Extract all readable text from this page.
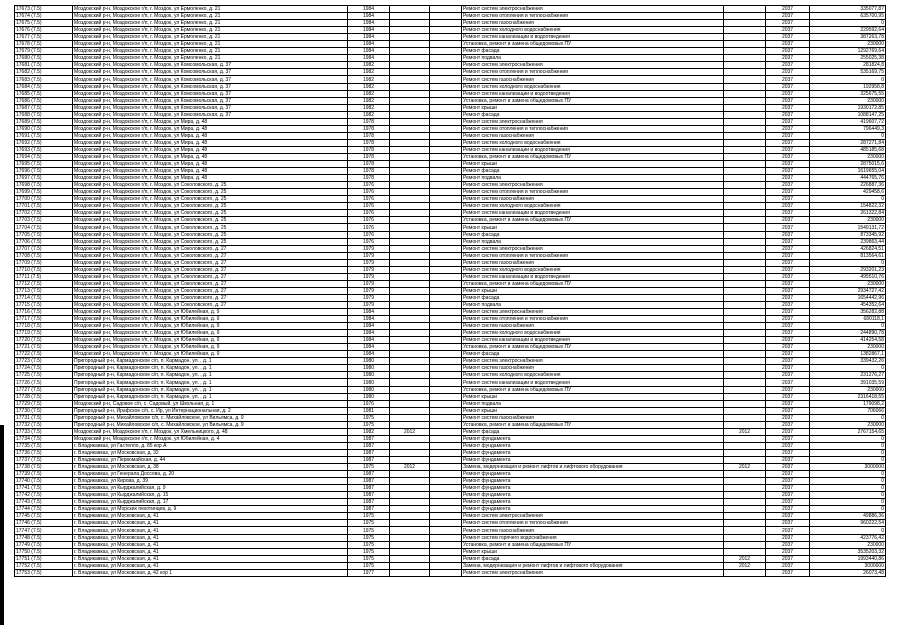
17673 (7.5)	Моздокский р-н, Моздокское г/п, г. Моздок, ул Ермоленко, д. 21	1984			Ремонт систем электроснабжения		2037	335077,87
17674 (7.5)	Моздокский р-н, Моздокское г/п, г. Моздок, ул Ермоленко, д. 21	1984			Ремонт систем отопления и теплоснабжения		2037	635700,95
17675 (7.5)	Моздокский р-н, Моздокское г/п, г. Моздок, ул Ермоленко, д. 21	1984			Ремонт систем газоснабжения		2037	0
17676 (7.5)	Моздокский р-н, Моздокское г/п, г. Моздок, ул Ермоленко, д. 21	1984			Ремонт систем холодного водоснабжения		2037	229592,64
17677 (7.5)	Моздокский р-н, Моздокское г/п, г. Моздок, ул Ермоленко, д. 21	1984			Ремонт систем канализации и водоотведения		2037	387263,78
17678 (7.5)	Моздокский р-н, Моздокское г/п, г. Моздок, ул Ермоленко, д. 21	1984			Установка, ремонт и замена общедомовых ПУ		2037	230000
17679 (7.5)	Моздокский р-н, Моздокское г/п, г. Моздок, ул Ермоленко, д. 21	1984			Ремонт фасада		2037	1292769,64
17680 (7.5)	Моздокский р-н, Моздокское г/п, г. Моздок, ул Ермоленко, д. 21	1984			Ремонт подвала		2037	255025,38
17681 (7.5)	Моздокский р-н, Моздокское г/п, г. Моздок, ул Комсомольская, д. 37	1982			Ремонт систем электроснабжения		2037	281824,8
17682 (7.5)	Моздокский р-н, Моздокское г/п, г. Моздок, ул Комсомольская, д. 37	1982			Ремонт систем отопления и теплоснабжения		2037	535169,75
17683 (7.5)	Моздокский р-н, Моздокское г/п, г. Моздок, ул Комсомольская, д. 37	1982			Ремонт систем газоснабжения		2037	0
17684 (7.5)	Моздокский р-н, Моздокское г/п, г. Моздок, ул Комсомольская, д. 37	1982			Ремонт систем холодного водоснабжения		2037	192958,8
17685 (7.5)	Моздокский р-н, Моздокское г/п, г. Моздок, ул Комсомольская, д. 37	1982			Ремонт систем канализации и водоотведения		2037	325675,55
17686 (7.5)	Моздокский р-н, Моздокское г/п, г. Моздок, ул Комсомольская, д. 37	1982			Установка, ремонт и замена общедомовых ПУ		2037	230000
17687 (7.5)	Моздокский р-н, Моздокское г/п, г. Моздок, ул Комсомольская, д. 37	1982			Ремонт крыши		2037	1930172,85
17688 (7.5)	Моздокский р-н, Моздокское г/п, г. Моздок, ул Комсомольская, д. 37	1982			Ремонт фасада		2037	1088147,25
17689 (7.5)	Моздокский р-н, Моздокское г/п, г. Моздок, ул Мира, д. 48	1978			Ремонт систем электроснабжения		2037	419607,72
17690 (7.5)	Моздокский р-н, Моздокское г/п, г. Моздок, ул Мира, д. 48	1978			Ремонт систем отопления и теплоснабжения		2037	796449,3
17691 (7.5)	Моздокский р-н, Моздокское г/п, г. Моздок, ул Мира, д. 48	1978			Ремонт систем газоснабжения		2037	0
17692 (7.5)	Моздокский р-н, Моздокское г/п, г. Моздок, ул Мира, д. 48	1978			Ремонт систем холодного водоснабжения		2037	287271,84
17693 (7.5)	Моздокский р-н, Моздокское г/п, г. Моздок, ул Мира, д. 48	1978			Ремонт систем канализации и водоотведения		2037	485185,68
17694 (7.5)	Моздокский р-н, Моздокское г/п, г. Моздок, ул Мира, д. 48	1978			Установка, ремонт и замена общедомовых ПУ		2037	230000
17695 (7.5)	Моздокский р-н, Моздокское г/п, г. Моздок, ул Мира, д. 48	1978			Ремонт крыши		2037	2875015,6
17696 (7.5)	Моздокский р-н, Моздокское г/п, г. Моздок, ул Мира, д. 48	1978			Ремонт фасада		2037	1619655,04
17697 (7.5)	Моздокский р-н, Моздокское г/п, г. Моздок, ул Мира, д. 48	1978			Ремонт подвала		2037	444765,76
17698 (7.5)	Моздокский р-н, Моздокское г/п, г. Моздок, ул Соколовского, д. 25	1976			Ремонт систем электроснабжения		2037	226887,36
17699 (7.5)	Моздокский р-н, Моздокское г/п, г. Моздок, ул Соколовского, д. 25	1976			Ремонт систем отопления и теплоснабжения		2037	429458,6
17700 (7.5)	Моздокский р-н, Моздокское г/п, г. Моздок, ул Соколовского, д. 25	1976			Ремонт систем газоснабжения		2037	0
17701 (7.5)	Моздокский р-н, Моздокское г/п, г. Моздок, ул Соколовского, д. 25	1976			Ремонт систем холодного водоснабжения		2037	154822,32
17702 (7.5)	Моздокский р-н, Моздокское г/п, г. Моздок, ул Соколовского, д. 25	1976			Ремонт систем канализации и водоотведения		2037	261322,84
17703 (7.5)	Моздокский р-н, Моздокское г/п, г. Моздок, ул Соколовского, д. 25	1976			Установка, ремонт и замена общедомовых ПУ		2037	230000
17704 (7.5)	Моздокский р-н, Моздокское г/п, г. Моздок, ул Соколовского, д. 25	1976			Ремонт крыши		2037	1549131,72
17705 (7.5)	Моздокский р-н, Моздокское г/п, г. Моздок, ул Соколовского, д. 25	1976			Ремонт фасада		2037	873345,92
17706 (7.5)	Моздокский р-н, Моздокское г/п, г. Моздок, ул Соколовского, д. 25	1976			Ремонт подвала		2037	239863,44
17707 (7.5)	Моздокский р-н, Моздокское г/п, г. Моздок, ул Соколовского, д. 27	1979			Ремонт систем электроснабжения		2037	426824,51
17708 (7.5)	Моздокский р-н, Моздокское г/п, г. Моздок, ул Соколовского, д. 27	1979			Ремонт систем отопления и теплоснабжения		2037	813564,61
17709 (7.5)	Моздокский р-н, Моздокское г/п, г. Моздок, ул Соколовского, д. 27	1979			Ремонт систем газоснабжения		2037	0
17710 (7.5)	Моздокский р-н, Моздокское г/п, г. Моздок, ул Соколовского, д. 27	1979			Ремонт систем холодного водоснабжения		2037	293201,23
17711 (7.5)	Моздокский р-н, Моздокское г/п, г. Моздок, ул Соколовского, д. 27	1979			Ремонт систем канализации и водоотведения		2037	495510,76
17712 (7.5)	Моздокский р-н, Моздокское г/п, г. Моздок, ул Соколовского, д. 27	1979			Установка, ремонт и замена общедомовых ПУ		2037	230000
17713 (7.5)	Моздокский р-н, Моздокское г/п, г. Моздок, ул Соколовского, д. 27	1979			Ремонт крыши		2037	2934727,42
17714 (7.5)	Моздокский р-н, Моздокское г/п, г. Моздок, ул Соколовского, д. 27	1979			Ремонт фасада		2037	1654442,96
17715 (7.5)	Моздокский р-н, Моздокское г/п, г. Моздок, ул Соколовского, д. 27	1979			Ремонт подвала		2037	454352,64
17716 (7.5)	Моздокский р-н, Моздокское г/п, г. Моздок, ул Юбилейная, д. 9	1984			Ремонт систем электроснабжения		2037	356282,88
17717 (7.5)	Моздокский р-н, Моздокское г/п, г. Моздок, ул Юбилейная, д. 9	1984			Ремонт систем отопления и теплоснабжения		2037	680118,1
17718 (7.5)	Моздокский р-н, Моздокское г/п, г. Моздок, ул Юбилейная, д. 9	1984			Ремонт систем газоснабжения		2037	0
17719 (7.5)	Моздокский р-н, Моздокское г/п, г. Моздок, ул Юбилейная, д. 9	1984			Ремонт систем холодного водоснабжения		2037	244890,78
17720 (7.5)	Моздокский р-н, Моздокское г/п, г. Моздок, ул Юбилейная, д. 9	1984			Ремонт систем канализации и водоотведения		2037	414254,58
17721 (7.5)	Моздокский р-н, Моздокское г/п, г. Моздок, ул Юбилейная, д. 9	1984			Установка, ремонт и замена общедомовых ПУ		2037	230000
17722 (7.5)	Моздокский р-н, Моздокское г/п, г. Моздок, ул Юбилейная, д. 9	1984			Ремонт фасада		2037	1382867,1
17723 (7.5)	Пригородный р-н, Кармадонское с/п, п. Кармадон, ул. , д. 1	1980			Ремонт систем электроснабжения		2037	339432,26
17724 (7.5)	Пригородный р-н, Кармадонское с/п, п. Кармадон, ул. , д. 1	1980			Ремонт систем газоснабжения		2037	0
17725 (7.5)	Пригородный р-н, Кармадонское с/п, п. Кармадон, ул. , д. 1	1980			Ремонт систем холодного водоснабжения		2037	231276,27
17726 (7.5)	Пригородный р-н, Кармадонское с/п, п. Кармадон, ул. , д. 1	1980			Ремонт систем канализации и водоотведения		2037	391035,59
17727 (7.5)	Пригородный р-н, Кармадонское с/п, п. Кармадон, ул. , д. 1	1980			Установка, ремонт и замена общедомовых ПУ		2037	230000
17728 (7.5)	Пригородный р-н, Кармадонское с/п, п. Кармадон, ул. , д. 1	1980			Ремонт крыши		2037	2316418,55
17729 (7.5)	Моздокский р-н, Садовое с/п, с. Садовый, ул Школьная, д. 1	1976			Ремонт подвала		2037	179098,2
17730 (7.5)	Пригородный р-н, Ирафское с/п, с. Ир, ул Интернациональная, д. 2	1981			Ремонт крыши		2037	706066
17731 (7.5)	Пригородный р-н, Михайловское с/п, с. Михайловское, ул Вильямса, д. 9	1975			Ремонт систем газоснабжения		2037	0
17732 (7.5)	Пригородный р-н, Михайловское с/п, с. Михайловское, ул Вильямса, д. 9	1975			Установка, ремонт и замена общедомовых ПУ		2037	230000
17733 (7.5)	Моздокский р-н, Моздокское г/п, г. Моздок, ул Хмельницкого, д. 48	1982	2012		Ремонт фасада	2012	2037	2767154,65
17734 (7.5)	Моздокский р-н, Моздокское г/п, г. Моздок, ул Юбилейная, д. 4	1987			Ремонт фундамента		2037	0
17735 (7.5)	г. Владикавказ, ул Гастелло, д. 85 кор А	1987			Ремонт фундамента		2037	0
17736 (7.5)	г. Владикавказ, ул Московская, д. 32	1987			Ремонт фундамента		2037	0
17737 (7.5)	г. Владикавказ, ул Первомайская, д. 44	1987			Ремонт фундамента		2037	0
17738 (7.5)	г. Владикавказ, ул Московская, д. 38	1975	2012		Замена, модернизация и ремонт лифтов и лифтового оборудования	2012	2037	3000000
17739 (7.5)	г. Владикавказ, ул Генерала Доссова, д. 20	1987			Ремонт фундамента		2037	0
17740 (7.5)	г. Владикавказ, ул Кирова, д. 39	1987			Ремонт фундамента		2037	0
17741 (7.5)	г. Владикавказ, ул Кырджалийская, д. 9	1987			Ремонт фундамента		2037	0
17742 (7.5)	г. Владикавказ, ул Кырджалийская, д. 15	1987			Ремонт фундамента		2037	0
17743 (7.5)	г. Владикавказ, ул Кырджалийская, д. 17	1987			Ремонт фундамента		2037	0
17744 (7.5)	г. Владикавказ, ул Морских пехотинцев, д. 9	1987			Ремонт фундамента		2037	0
17745 (7.5)	г. Владикавказ, ул Московская, д. 41	1975			Ремонт систем электроснабжения		2037	49886,36
17746 (7.5)	г. Владикавказ, ул Московская, д. 41	1975			Ремонт систем отопления и теплоснабжения		2037	960222,54
17747 (7.5)	г. Владикавказ, ул Московская, д. 41	1975			Ремонт систем газоснабжения		2037	0
17748 (7.5)	г. Владикавказ, ул Московская, д. 41	1975			Ремонт систем горячего водоснабжения		2037	423776,42
17749 (7.5)	г. Владикавказ, ул Московская, д. 41	1975			Установка, ремонт и замена общедомовых ПУ		2037	230000
17750 (7.5)	г. Владикавказ, ул Московская, д. 41	1975			Ремонт крыши		2037	3535203,32
17751 (7.5)	г. Владикавказ, ул Московская, д. 41	1975			Ремонт фасада	2012	2037	1993440,86
17752 (7.5)	г. Владикавказ, ул Московская, д. 41	1975			Замена, модернизация и ремонт лифтов и лифтового оборудования	2012	2037	3000000
17753 (7.5)	г. Владикавказ, ул Московская, д. 42 кор 1	1977			Ремонт систем электроснабжения		2037	26073,48
